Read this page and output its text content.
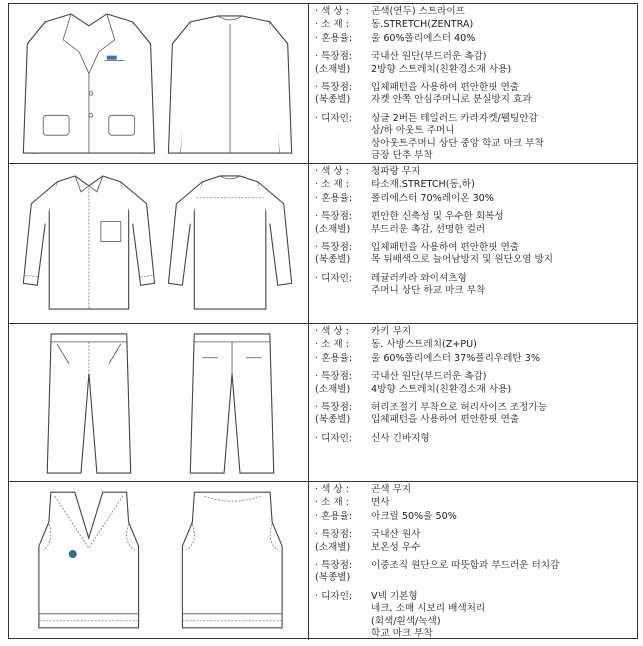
· 색 상 :	곤색(연두) 스트라이프
· 소 재 :	동.STRETCH(ZENTRA)
· 혼용율:	울 60%폴리에스터 40%
· 특장점:
(소재별)
국내산 원단(부드러운 촉감)
2방향 스트레치(친환경소재 사용)
· 특장점:
(복종별)
입체패턴을 사용하여 편안한핏 연출
자켓 안쪽 안심주머니로 분실방지 효과
· 디자인:	싱글 2버튼 테일러드 카라자켓/웰팅안감
상/하 아웃트 주머니
상아웃트주머니 상단 중앙 학교 마크 부착
금장 단추 부착
· 색 상 :	청파랑 무지
· 소 재 :	타소재.STRETCH(동,하)
· 혼용율:	폴리에스터 70%레이온 30%
· 특장점:
(소재별)
편안한 신축성 및 우수한 회복성
부드러운 촉감, 선명한 컬러
· 특장점:
(복종별)
입체패턴을 사용하여 편안한핏 연출
목 뒤배색으로 늘어남방지 및 원단오염 방지
· 디자인:	레귤러카라 와이셔츠형
주머니 상단 하교 마크 부착
· 색 상 :	카키 무지
· 소 재 :	동. 사방스트레치(Z+PU)
· 혼용율:	울 60%폴리에스터 37%폴리우레탄 3%
· 특장점:
(소재별)
국내산 원단(부드러운 촉감)
4방향 스트레치(친환경소재 사용)
· 특장점:
(복종별)
허리조절기 부착으로 허리사이즈 조정가능
입체패턴을 사용하여 편안한핏 연출
· 디자인:	신사 긴바지형
· 색 상 :	곤색 무지
· 소 재 :	면사
· 혼용율:	아크릴 50%울 50%
· 특장점:
(소재별)
국내산 원사
보온성 우수
· 특장점:
(복종별)
이중조직 원단으로 따뜻함과 부드러운 터치감
· 디자인:	V넥 기본형
네크, 소매 시보리 배색처리
(회색/흰색/녹색)
학교 마크 부착
